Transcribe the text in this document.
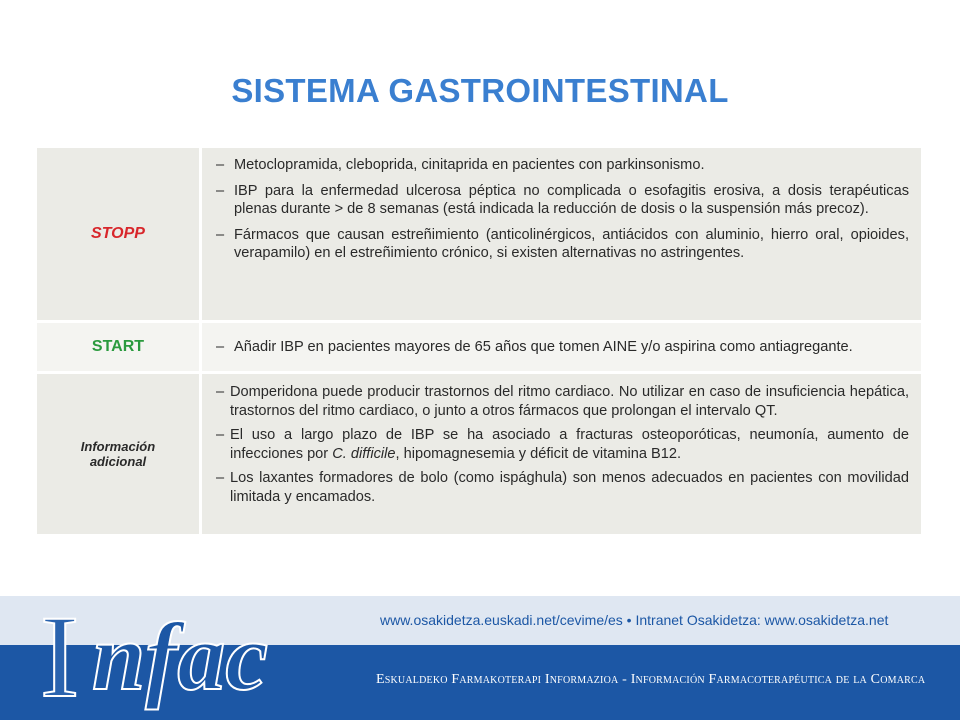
SISTEMA GASTROINTESTINAL
STOPP
– Metoclopramida, cleboprida, cinitaprida en pacientes con parkinsonismo.
– IBP para la enfermedad ulcerosa péptica no complicada o esofagitis erosiva, a dosis terapéuticas plenas durante > de 8 semanas (está indicada la reducción de dosis o la suspensión más precoz).
– Fármacos que causan estreñimiento (anticolinérgicos, antiácidos con aluminio, hierro oral, opioides, verapamilo) en el estreñimiento crónico, si existen alternativas no astringentes.
START	– Añadir IBP en pacientes mayores de 65 años que tomen AINE y/o aspirina como antiagregante.
Información
adicional
– Domperidona puede producir trastornos del ritmo cardiaco. No utilizar en caso de insuficiencia hepática, trastornos del ritmo cardiaco, o junto a otros fármacos que prolongan el intervalo QT.
– El uso a largo plazo de IBP se ha asociado a fracturas osteoporóticas, neumonía, aumento de infecciones por C. difficile, hipomagnesemia y déficit de vitamina B12.
– Los laxantes formadores de bolo (como ispághula) son menos adecuados en pacientes con movilidad limitada y encamados.
www.osakidetza.euskadi.net/cevime/es • Intranet Osakidetza: www.osakidetza.net
Eskualdeko Farmakoterapi Informazioa - Información Farmacoterapéutica de la Comarca
I nfac
